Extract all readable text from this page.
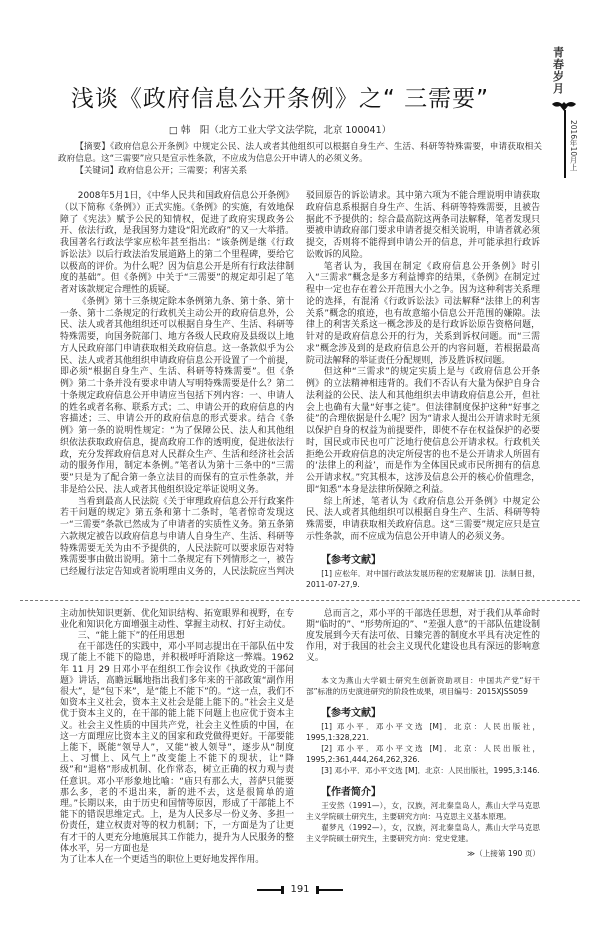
青春岁月
2016年10月上
浅谈《政府信息公开条例》之“ 三需要”
□ 韩　阳（北方工业大学文法学院，北京 100041）

【摘要】《政府信息公开条例》中规定公民、法人或者其他组织可以根据自身生产、生活、科研等特殊需要，申请获取相关政府信息。这“三需要”应只是宣示性条款，不应成为信息公开申请人的必须义务。

【关键词】政府信息公开；三需要；利害关系

2008年5月1日，《中华人民共和国政府信息公开条例》（以下简称《条例》）正式实施。《条例》的实施，有效地保障了《宪法》赋予公民的知情权，促进了政府实现政务公开、依法行政，是我国努力建设“阳光政府”的又一大举措。我国著名行政法学家应松年甚至指出：“该条例是继《行政诉讼法》以后行政法治发展道路上的第二个里程碑，要给它以极高的评价。为什么呢？因为信息公开是所有行政法律制度的基础”。但《条例》中关于“三需要”的规定却引起了笔者对该款规定合理性的质疑。

《条例》第十三条规定除本条例第九条、第十条、第十一条、第十二条规定的行政机关主动公开的政府信息外，公民、法人或者其他组织还可以根据自身生产、生活、科研等特殊需要，向国务院部门、地方各级人民政府及县级以上地方人民政府部门申请获取相关政府信息。这一条款似乎为公民、法人或者其他组织申请政府信息公开设置了一个前提，即必须“根据自身生产、生活、科研等特殊需要”。但《条例》第二十条并没有要求申请人写明特殊需要是什么？第二十条规定政府信息公开申请应当包括下列内容：一、申请人的姓名或者名称、联系方式；二、申请公开的政府信息的内容描述；三、申请公开的政府信息的形式要求。结合《条例》第一条的说明性规定：“为了保障公民、法人和其他组织依法获取政府信息，提高政府工作的透明度，促进依法行政，充分发挥政府信息对人民群众生产、生活和经济社会活动的服务作用，制定本条例。”笔者认为第十三条中的“三需要”只是为了配合第一条立法目的而保有的宣示性条款，并非是给公民、法人或者其他组织设定举证说明义务。

当看到最高人民法院《关于审理政府信息公开行政案件若干问题的规定》第五条和第十二条时，笔者惊奇发现这一“三需要”条款已然成为了申请者的实质性义务。第五条第六款规定被告以政府信息与申请人自身生产、生活、科研等特殊需要无关为由不予提供的，人民法院可以要求原告对特殊需要事由做出说明。第十二条规定有下列情形之一，被告已经履行法定告知或者说明理由义务的，人民法院应当判决驳回原告的诉讼请求。其中第六项为不能合理说明申请获取政府信息系根据自身生产、生活、科研等特殊需要，且被告据此不予提供的；综合最高院这两条司法解释，笔者发现只要被申请政府部门要求申请者提交相关说明，申请者就必须提交，否则将不能得到申请公开的信息，并可能承担行政诉讼败诉的风险。

笔者认为，我国在制定《政府信息公开条例》时引入“三需求”概念是多方利益博弈的结果，《条例》在制定过程中一定也存在着公开范围大小之争。因为这种利害关系理论的选择，有混淆《行政诉讼法》司法解释“法律上的利害关系”概念的痕迹，也有故意缩小信息公开范围的嫌隙。法律上的利害关系这一概念涉及的是行政诉讼原告资格问题，针对的是政府信息公开的行为，关系到诉权问题。而“三需求”概念涉及到的是政府信息公开的内容问题，若根据最高院司法解释的举证责任分配规则，涉及胜诉权问题。

但这种“三需求”的规定实质上是与《政府信息公开条例》的立法精神相违背的。我们不否认有大量为保护自身合法利益的公民、法人和其他组织去申请政府信息公开，但社会上也确有大量“好事之徒”。但法律制度保护这种“好事之徒”的合理依据是什么呢？因为“请求人提出公开请求时无须以保护自身的权益为前提要件，即使不存在权益保护的必要时，国民或市民也可广泛地行使信息公开请求权。行政机关拒绝公开政府信息的决定所侵害的也不是公开请求人所固有的‘法律上的利益’，而是作为全体国民或市民所拥有的信息公开请求权。”究其根本，这涉及信息公开的核心价值理念，即“知悉”本身是法律所保障之利益。

综上所述，笔者认为《政府信息公开条例》中规定公民、法人或者其他组织可以根据自身生产、生活、科研等特殊需要，申请获取相关政府信息。这“三需要”规定应只是宣示性条款，而不应成为信息公开申请人的必须义务。

【参考文献】

[1] 应松年．对中国行政法发展历程的宏观解读 [J]．法制日报，2011-07-27,9.

主动加快知识更新、优化知识结构、拓宽眼界和视野，在专业化和知识化方面增强主动性、掌握主动权、打好主动仗。

三、“能上能下”的任用思想

在干部选任的实践中，邓小平同志提出在干部队伍中发现了能上不能下的隐患，并积极呼吁消除这一弊端。1962 年 11 月 29 日邓小平在组织工作会议作《执政党的干部问题》讲话，高瞻远瞩地指出我们多年来的干部政策“副作用很大”，是“包下来”，是“能上不能下”的。“这一点，我们不如资本主义社会，资本主义社会是能上能下的。”社会主义是优于资本主义的，在干部的能上能下问题上也应优于资本主义。社会主义性质的中国共产党，社会主义性质的中国，在这一方面理应比资本主义的国家和政党做得更好。干部要能上能下，既能“领导人”，又能“被人领导”，逐步从“制度上、习惯上、风气上”改变能上不能下的现状，让“降级”和“退格”形成机制、化作常态，树立正确的权力观与责任意识。邓小平形象地比喻：“庙只有那么大，菩萨只能要那么多，老的不退出来，新的进不去，这是很简单的道理。”长期以来，由于历史和国情等原因，形成了干部能上不能下的错误思维定式。上，是为人民多尽一份义务、多担一份责任，建立权责对等的权力机制；下，一方面是为了让更有才干的人更充分地施展其工作能力，提升为人民服务的整体水平，另一方面也是

为了让本人在一个更适当的职位上更好地发挥作用。

总而言之，邓小平的干部选任思想，对于我们从革命时期“临时的”、“形势所迫的”、“差强人意”的干部队伍建设制度发展到今天有法可依、日臻完善的制度水平具有决定性的作用，对于我国的社会主义现代化建设也具有深远的影响意义。

本文为燕山大学硕士研究生创新资助项目：中国共产党“好干部”标准的历史演进研究的阶段性成果，项目编号：2015XJSS059

【参考文献】

[1] 邓小平．邓小平文选 [M]．北京：人民出版社，1995,1:328,221.

[2] 邓小平．邓小平文选 [M]．北京：人民出版社，1995,2:361,444,264,262,326.

[3] 邓小平．邓小平文选 [M]．北京：人民出版社，1995,3:146.

【作者简介】

王安然（1991—），女，汉族，河北秦皇岛人，燕山大学马克思主义学院硕士研究生，主要研究方向：马克思主义基本原理。

翟梦凡（1992—），女，汉族，河北秦皇岛人，燕山大学马克思主义学院硕士研究生，主要研究方向：党史党建。

≫（上接第 190 页）

191
